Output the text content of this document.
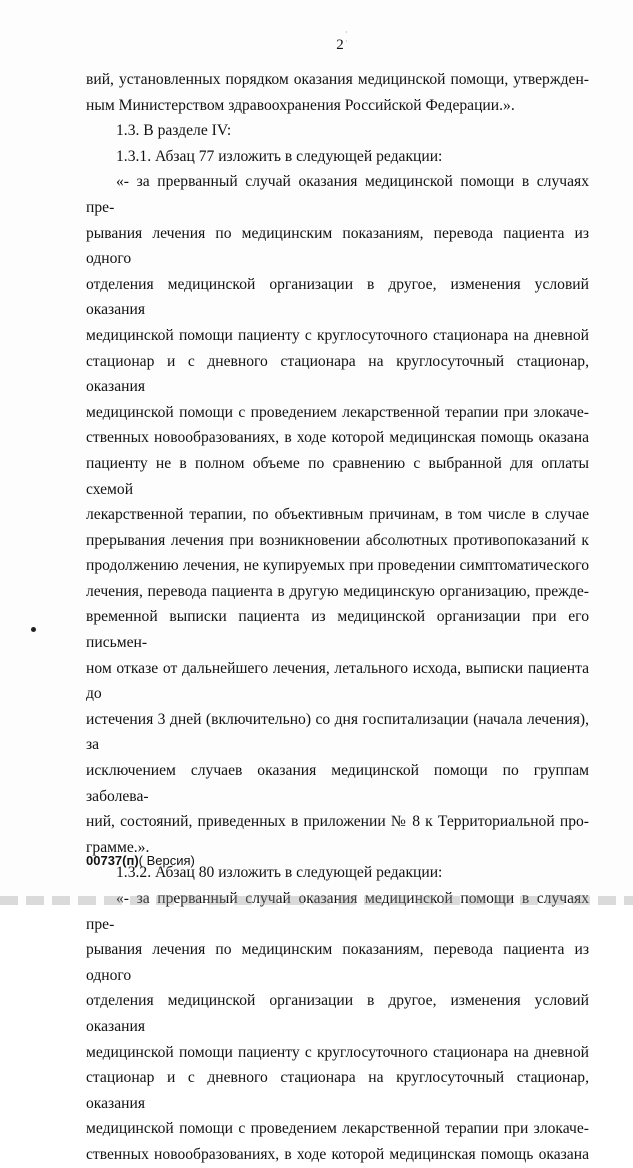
· ·
2

вий, установленных порядком оказания медицинской помощи, утвержден-

ным Министерством здравоохранения Российской Федерации.».

1.3. В разделе IV:

1.3.1. Абзац 77 изложить в следующей редакции:

«- за прерванный случай оказания медицинской помощи в случаях пре-

рывания лечения по медицинским показаниям, перевода пациента из одного

отделения медицинской организации в другое, изменения условий оказания

медицинской помощи пациенту с круглосуточного стационара на дневной

стационар и с дневного стационара на круглосуточный стационар, оказания

медицинской помощи с проведением лекарственной терапии при злокаче-

ственных новообразованиях, в ходе которой медицинская помощь оказана

пациенту не в полном объеме по сравнению с выбранной для оплаты схемой

лекарственной терапии, по объективным причинам, в том числе в случае

прерывания лечения при возникновении абсолютных противопоказаний к

продолжению лечения, не купируемых при проведении симптоматического

лечения, перевода пациента в другую медицинскую организацию, преждe-

временной выписки пациента из медицинской организации при его письмен-

ном отказе от дальнейшего лечения, летального исхода, выписки пациента до

истечения 3 дней (включительно) со дня госпитализации (начала лечения), за

исключением случаев оказания медицинской помощи по группам заболева-

ний, состояний, приведенных в приложении № 8 к Территориальной про-

грамме.».

1.3.2. Абзац 80 изложить в следующей редакции:

«- за прерванный случай оказания медицинской помощи в случаях пре-

рывания лечения по медицинским показаниям, перевода пациента из одного

отделения медицинской организации в другое, изменения условий оказания

медицинской помощи пациенту с круглосуточного стационара на дневной

стационар и с дневного стационара на круглосуточный стационар, оказания

медицинской помощи с проведением лекарственной терапии при злокаче-

ственных новообразованиях, в ходе которой медицинская помощь оказана

00737(п)( Версия)
